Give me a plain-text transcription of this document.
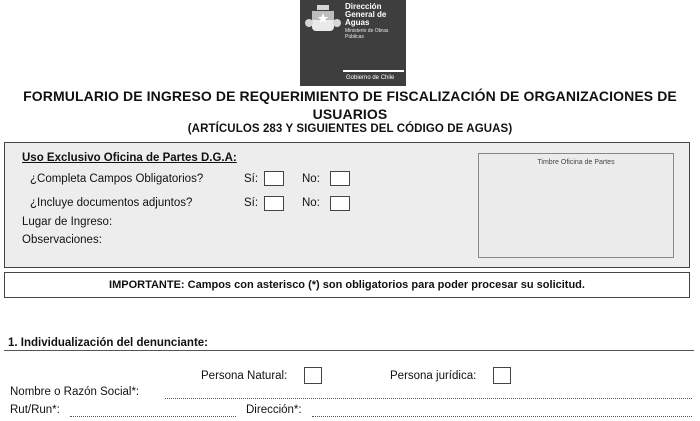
Dirección
General de
Aguas
Ministerio de Obras
Públicas
Gobierno de Chile
FORMULARIO DE INGRESO DE REQUERIMIENTO DE FISCALIZACIÓN DE ORGANIZACIONES DE
USUARIOS
(ARTÍCULOS 283 Y SIGUIENTES DEL CÓDIGO DE AGUAS)
Uso Exclusivo Oficina de Partes D.G.A:
¿Completa Campos Obligatorios?	Sí:	No:
¿Incluye documentos adjuntos?	Sí:	No:
Lugar de Ingreso:
Observaciones:
Timbre Oficina de Partes
IMPORTANTE: Campos con asterisco (*) son obligatorios para poder procesar su solicitud.
1. Individualización del denunciante:
Persona Natural:	Persona jurídica:
Nombre o Razón Social*:
Rut/Run*:	Dirección*:
